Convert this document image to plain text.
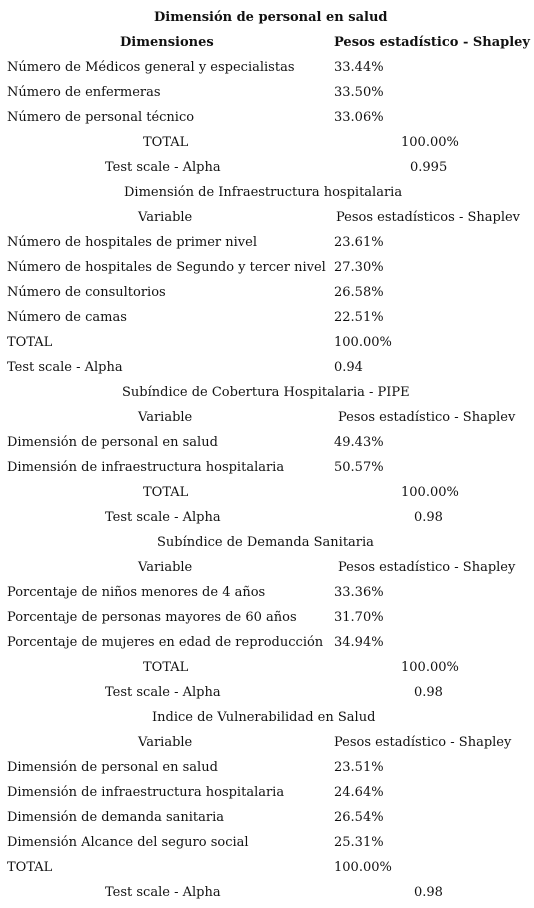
Dimensión de personal en salud
Dimensiones	Pesos estadístico - Shapley
Número de Médicos general y especialistas	33.44%
Número de enfermeras	33.50%
Número de personal técnico	33.06%
TOTAL	100.00%
Test scale - Alpha	0.995
Dimensión de Infraestructura hospitalaria
Variable	Pesos estadísticos - Shaplev
Número de hospitales de primer nivel	23.61%
Número de hospitales de Segundo y tercer nivel 27.30%
Número de consultorios	26.58%
Número de camas	22.51%
TOTAL	100.00%
Test scale - Alpha	0.94
Subíndice de Cobertura Hospitalaria - PIPE
Variable	Pesos estadístico - Shaplev
Dimensión de personal en salud	49.43%
Dimensión de infraestructura hospitalaria	50.57%
TOTAL	100.00%
Test scale - Alpha	0.98
Subíndice de Demanda Sanitaria
Variable	Pesos estadístico - Shapley
Porcentaje de niños menores de 4 años	33.36%
Porcentaje de personas mayores de 60 años	31.70%
Porcentaje de mujeres en edad de reproducción 34.94%
TOTAL	100.00%
Test scale - Alpha	0.98
Indice de Vulnerabilidad en Salud
Variable	Pesos estadístico - Shapley
Dimensión de personal en salud	23.51%
Dimensión de infraestructura hospitalaria	24.64%
Dimensión de demanda sanitaria	26.54%
Dimensión Alcance del seguro social	25.31%
TOTAL	100.00%
Test scale - Alpha	0.98
